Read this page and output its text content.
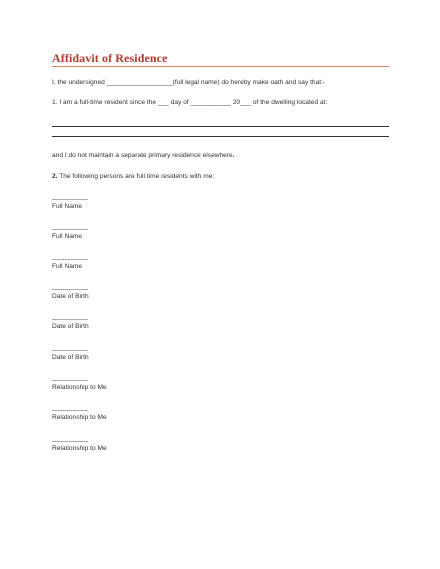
Affidavit of Residence
I, the undersigned __________________(full legal name) do hereby make oath and say that:-
1. I am a full-time resident since the ___ day of ___________ 20___ of the dwelling located at:
and I do not maintain a separate primary residence elsewhere.
2. The following persons are full time residents with me:
------------------
Full Name
------------------
Full Name
------------------
Full Name
------------------
Date of Birth
------------------
Date of Birth
------------------
Date of Birth
------------------
Relationship to Me
------------------
Relationship to Me
------------------
Relationship to Me
